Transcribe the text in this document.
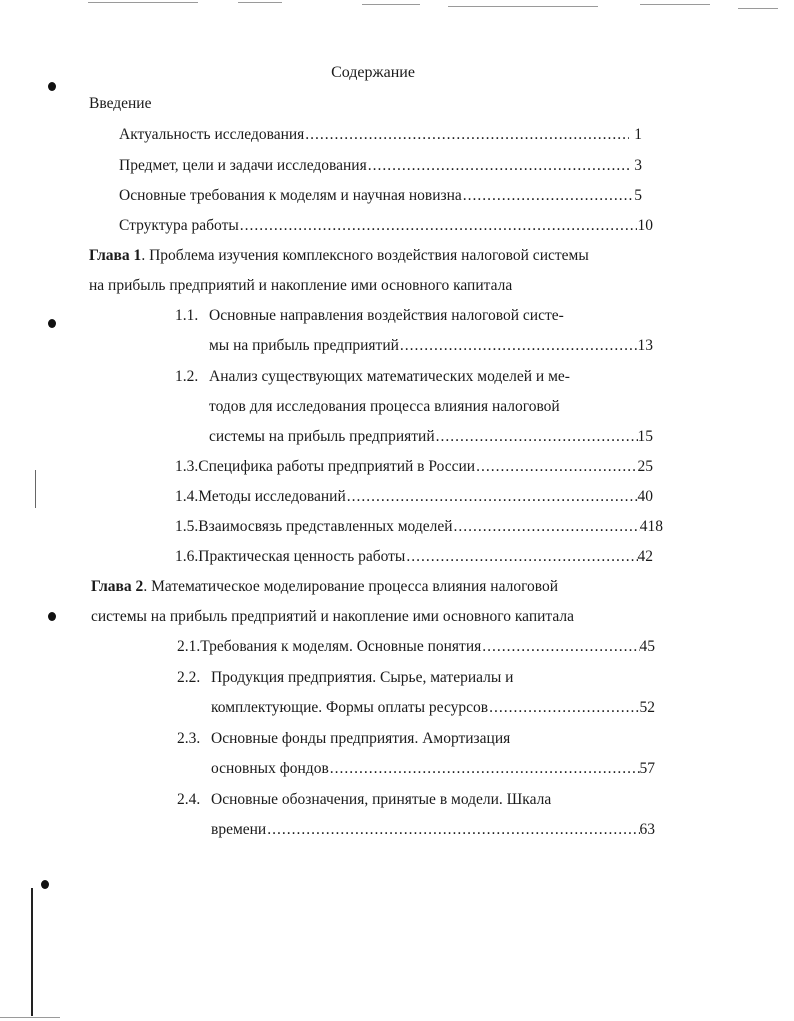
Содержание
Введение
Актуальность исследования .....	1
Предмет, цели и задачи исследования .....	3
Основные требования к моделям и научная новизна .....	5
Структура работы .....	10
Глава 1. Проблема изучения комплексного воздействия налоговой системы
на прибыль предприятий и накопление ими основного капитала
1.1. Основные направления воздействия налоговой систе-
мы на прибыль предприятий .....	13
1.2. Анализ существующих математических моделей и ме-
тодов для исследования процесса влияния налоговой
системы на прибыль предприятий .....	15
1.3. Специфика работы предприятий в России .....	25
1.4. Методы исследований .....	40
1.5. Взаимосвязь представленных моделей .....	418
1.6. Практическая ценность работы .....	42
Глава 2. Математическое моделирование процесса влияния налоговой
системы на прибыль предприятий и накопление ими основного капитала
2.1. Требования к моделям. Основные понятия .....	45
2.2. Продукция предприятия. Сырье, материалы и
комплектующие. Формы оплаты ресурсов .....	52
2.3. Основные фонды предприятия. Амортизация
основных фондов .....	57
2.4. Основные обозначения, принятые в модели. Шкала
времени .....	63
